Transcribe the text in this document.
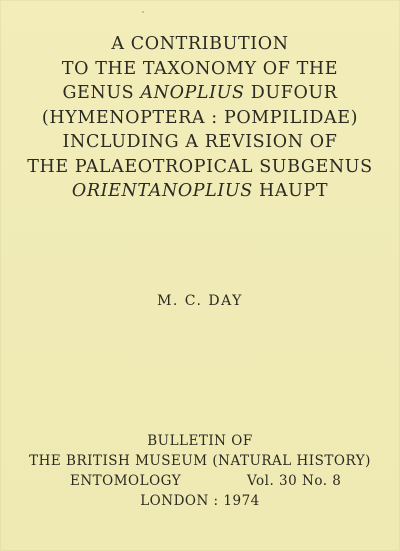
A CONTRIBUTION
TO THE TAXONOMY OF THE
GENUS ANOPLIUS DUFOUR
(HYMENOPTERA : POMPILIDAE)
INCLUDING A REVISION OF
THE PALAEOTROPICAL SUBGENUS
ORIENTANOPLIUS HAUPT
M. C. DAY
BULLETIN OF
THE BRITISH MUSEUM (NATURAL HISTORY)
ENTOMOLOGY	Vol. 30 No. 8
LONDON : 1974
